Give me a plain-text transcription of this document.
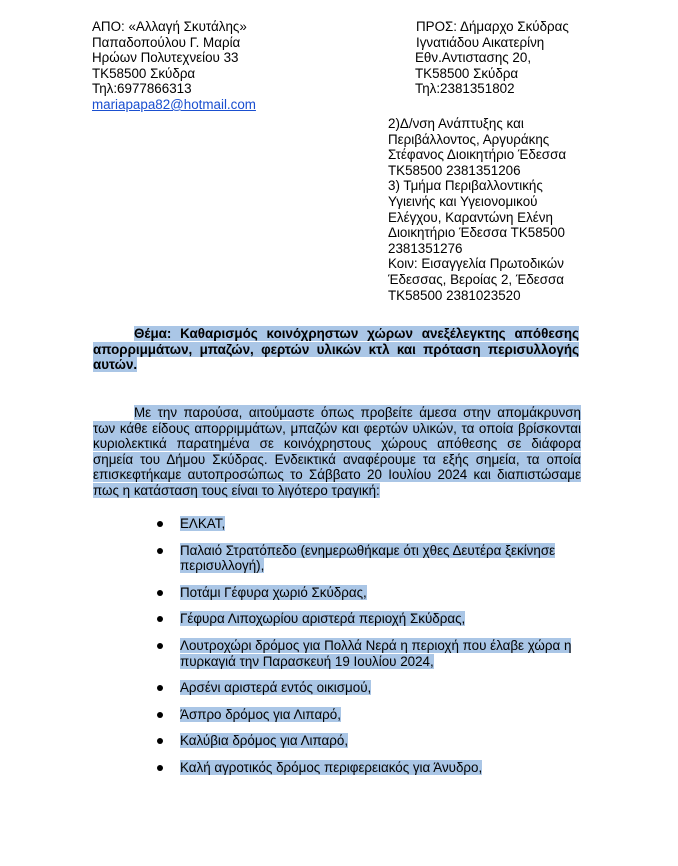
ΑΠΟ: «Αλλαγή Σκυτάλης»
Παπαδοπούλου Γ. Μαρία
Ηρώων Πολυτεχνείου 33
ΤΚ58500 Σκύδρα
Τηλ:6977866313
mariapapa82@hotmail.com
ΠΡΟΣ: Δήμαρχο Σκύδρας
Ιγνατιάδου Αικατερίνη
Εθν.Αντιστασης 20,
ΤΚ58500 Σκύδρα
Τηλ:2381351802
2)Δ/νση Ανάπτυξης και
Περιβάλλοντος, Αργυράκης
Στέφανος Διοικητήριο Έδεσσα
ΤΚ58500 2381351206
3) Τμήμα Περιβαλλοντικής
Υγιεινής και Υγειονομικού
Ελέγχου, Καραντώνη Ελένη
Διοικητήριο Έδεσσα ΤΚ58500
2381351276
Κοιν: Εισαγγελία Πρωτοδικών
Έδεσσας, Βεροίας 2, Έδεσσα
ΤΚ58500 2381023520
Θέμα: Καθαρισμός κοινόχρηστων χώρων ανεξέλεγκτης απόθεσης απορριμμάτων, μπαζών, φερτών υλικών κτλ και πρόταση περισυλλογής αυτών.
Με την παρούσα, αιτούμαστε όπως προβείτε άμεσα στην απομάκρυνση των κάθε είδους απορριμμάτων, μπαζών και φερτών υλικών, τα οποία βρίσκονται κυριολεκτικά παρατημένα σε κοινόχρηστους χώρους απόθεσης σε διάφορα σημεία του Δήμου Σκύδρας. Ενδεικτικά αναφέρουμε τα εξής σημεία, τα οποία επισκεφτήκαμε αυτοπροσώπως το Σάββατο 20 Ιουλίου 2024 και διαπιστώσαμε πως η κατάσταση τους είναι το λιγότερο τραγική:
ΕΛΚΑΤ,
Παλαιό Στρατόπεδο (ενημερωθήκαμε ότι χθες Δευτέρα ξεκίνησε περισυλλογή),
Ποτάμι Γέφυρα χωριό Σκύδρας,
Γέφυρα Λιποχωρίου αριστερά περιοχή Σκύδρας,
Λουτροχώρι δρόμος για Πολλά Νερά η περιοχή που έλαβε χώρα η πυρκαγιά την Παρασκευή 19 Ιουλίου 2024,
Αρσένι αριστερά εντός οικισμού,
Άσπρο δρόμος για Λιπαρό,
Καλύβια δρόμος για Λιπαρό,
Καλή αγροτικός δρόμος περιφερειακός για Άνυδρο,
